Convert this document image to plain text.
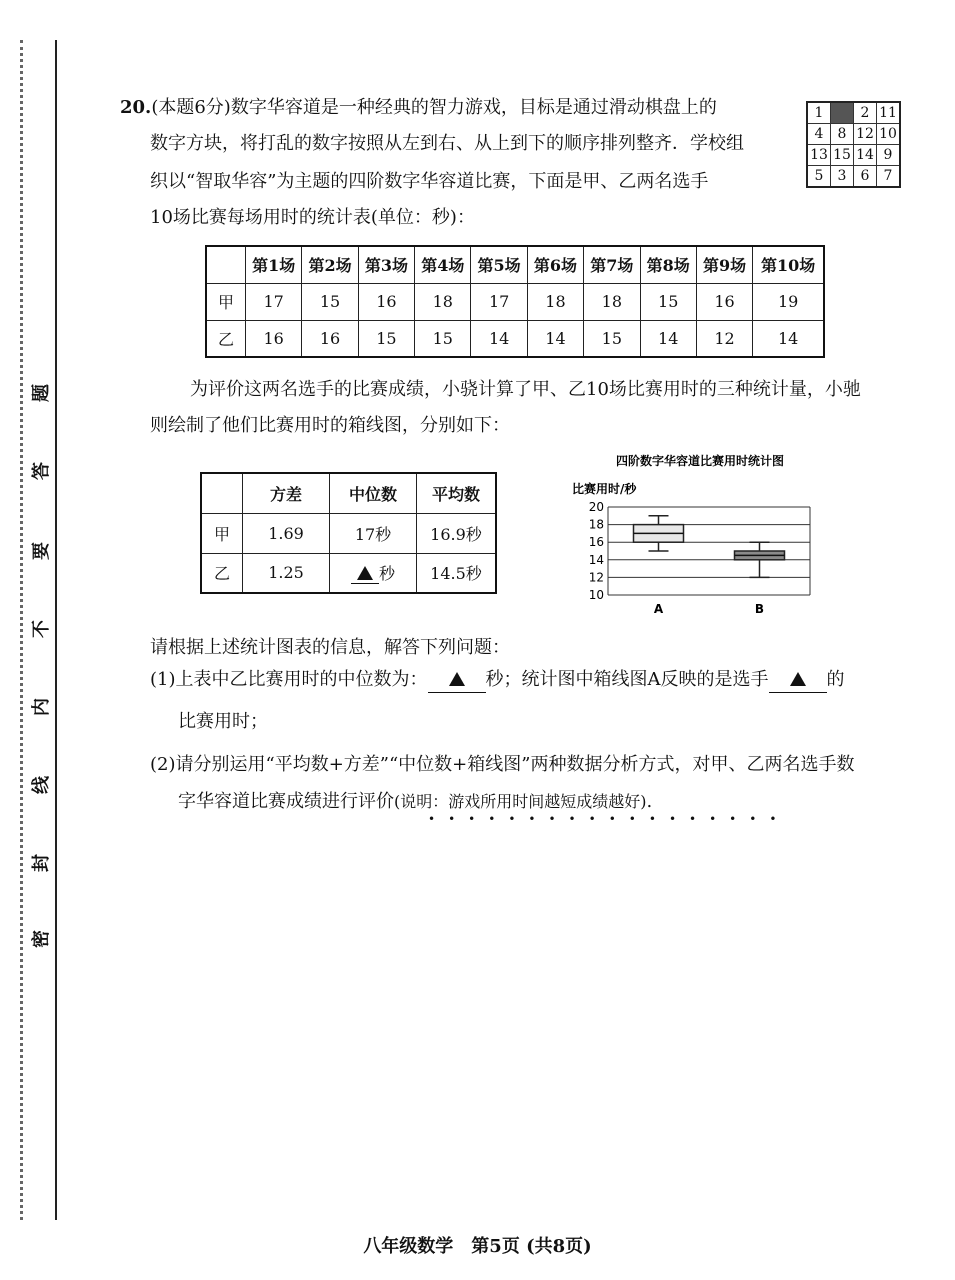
题
答
要
不
内
线
封
密
20.(本题6分)数字华容道是一种经典的智力游戏，目标是通过滑动棋盘上的
数字方块，将打乱的数字按照从左到右、从上到下的顺序排列整齐．学校组
织以“智取华容”为主题的四阶数字华容道比赛，下面是甲、乙两名选手
10场比赛每场用时的统计表(单位：秒)：
1		2	11
4	8	12	10
13	15	14	9
5	3	6	7
	第1场	第2场	第3场	第4场	第5场	第6场	第7场	第8场	第9场	第10场
甲	17	15	16	18	17	18	18	15	16	19
乙	16	16	15	15	14	14	15	14	12	14
为评价这两名选手的比赛成绩，小骁计算了甲、乙10场比赛用时的三种统计量，小驰
则绘制了他们比赛用时的箱线图，分别如下：
	方差	中位数	平均数
甲	1.69	17秒	16.9秒
乙	1.25	秒	14.5秒
四阶数字华容道比赛用时统计图
比赛用时/秒
10
12
14
16
18
20
A	B
请根据上述统计图表的信息，解答下列问题：
(1)上表中乙比赛用时的中位数为：	秒；统计图中箱线图A反映的是选手	的
比赛用时；
(2)请分别运用“平均数+方差”“中位数+箱线图”两种数据分析方式，对甲、乙两名选手数
字华容道比赛成绩进行评价(说明：游戏所用时间越短成绩越好).
••••••••••••••••••
八年级数学　第5页 (共8页)
